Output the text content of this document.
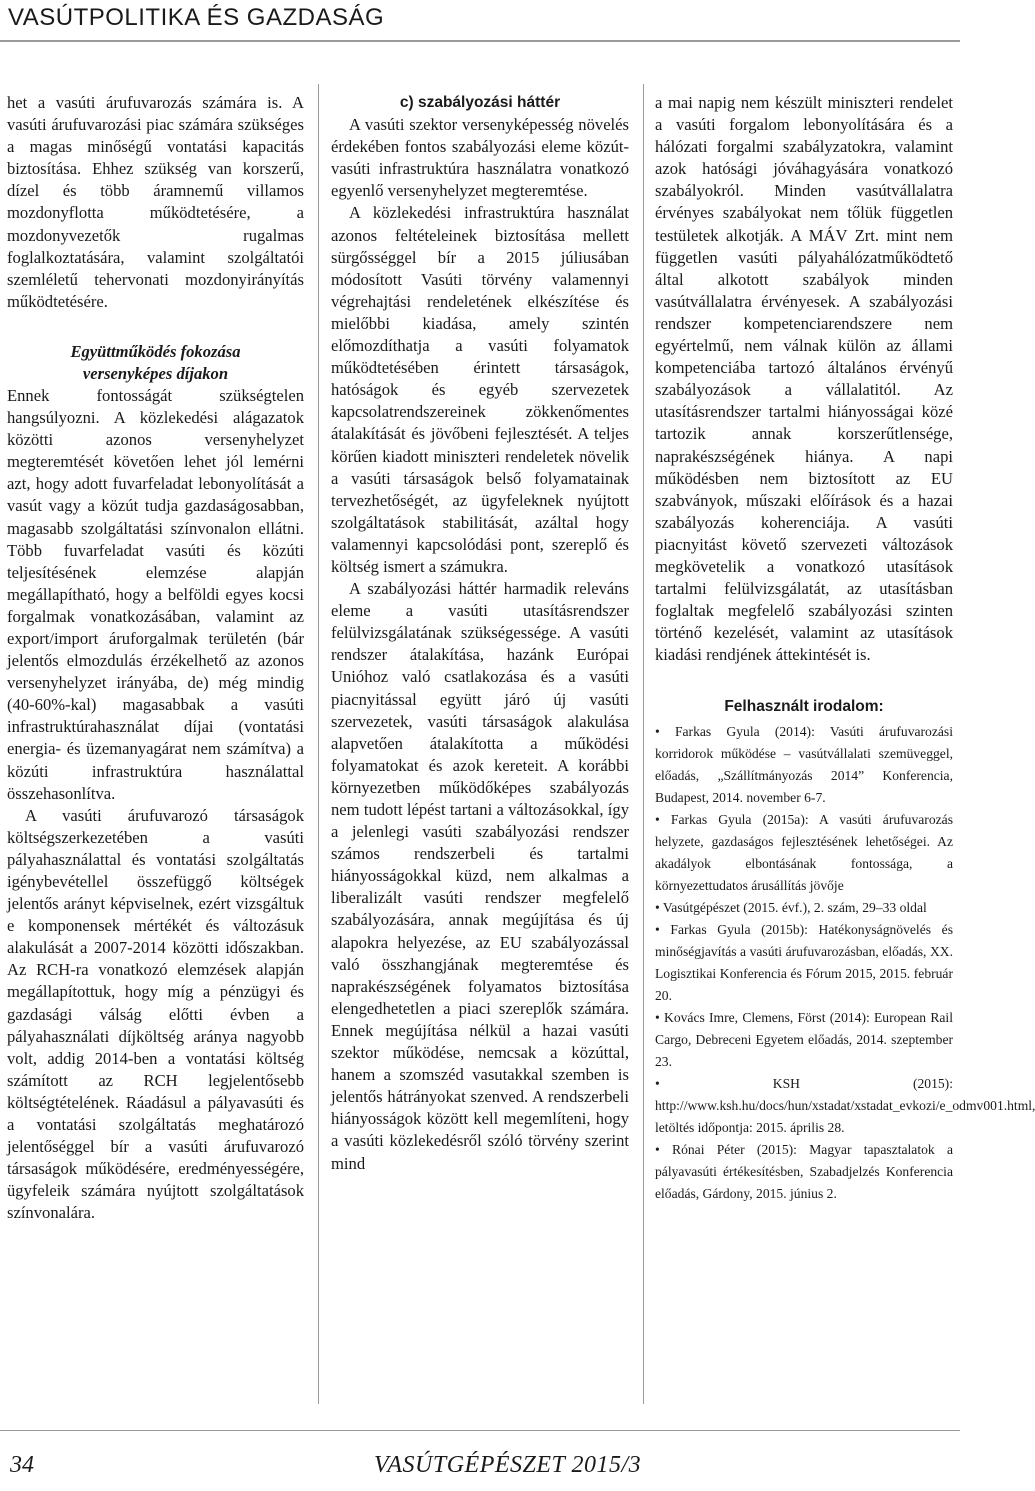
VASÚTPOLITIKA ÉS GAZDASÁG

het a vasúti árufuvarozás számára is. A vasúti árufuvarozási piac számára szükséges a magas minőségű vontatási kapacitás biztosítása. Ehhez szükség van korszerű, dízel és több áramnemű villamos mozdonyflotta működtetésére, a mozdonyvezetők rugalmas foglalkoztatására, valamint szolgáltatói szemléletű tehervonati mozdonyirányítás működtetésére.

Együttműködés fokozása
versenyképes díjakon

Ennek fontosságát szükségtelen hangsúlyozni. A közlekedési alágazatok közötti azonos versenyhelyzet megteremtését követően lehet jól lemérni azt, hogy adott fuvarfeladat lebonyolítását a vasút vagy a közút tudja gazdaságosabban, magasabb szolgáltatási színvonalon ellátni. Több fuvarfeladat vasúti és közúti teljesítésének elemzése alapján megállapítható, hogy a belföldi egyes kocsi forgalmak vonatkozásában, valamint az export/import áruforgalmak területén (bár jelentős elmozdulás érzékelhető az azonos versenyhelyzet irányába, de) még mindig (40-60%-kal) magasabbak a vasúti infrastruktúrahasználat díjai (vontatási energia- és üzemanyagárat nem számítva) a közúti infrastruktúra használattal összehasonlítva.

A vasúti árufuvarozó társaságok költségszerkezetében a vasúti pályahasználattal és vontatási szolgáltatás igénybevétellel összefüggő költségek jelentős arányt képviselnek, ezért vizsgáltuk e komponensek mértékét és változásuk alakulását a 2007-2014 közötti időszakban. Az RCH-ra vonatkozó elemzések alapján megállapítottuk, hogy míg a pénzügyi és gazdasági válság előtti évben a pályahasználati díjköltség aránya nagyobb volt, addig 2014-ben a vontatási költség számított az RCH legjelentősebb költségtételének. Ráadásul a pályavasúti és a vontatási szolgáltatás meghatározó jelentőséggel bír a vasúti árufuvarozó társaságok működésére, eredményességére, ügyfeleik számára nyújtott szolgáltatások színvonalára.

c) szabályozási háttér

A vasúti szektor versenyképesség növelés érdekében fontos szabályozási eleme közút-vasúti infrastruktúra használatra vonatkozó egyenlő versenyhelyzet megteremtése.

A közlekedési infrastruktúra használat azonos feltételeinek biztosítása mellett sürgősséggel bír a 2015 júliusában módosított Vasúti törvény valamennyi végrehajtási rendeletének elkészítése és mielőbbi kiadása, amely szintén előmozdíthatja a vasúti folyamatok működtetésében érintett társaságok, hatóságok és egyéb szervezetek kapcsolatrendszereinek zökkenőmentes átalakítását és jövőbeni fejlesztését. A teljes körűen kiadott miniszteri rendeletek növelik a vasúti társaságok belső folyamatainak tervezhetőségét, az ügyfeleknek nyújtott szolgáltatások stabilitását, azáltal hogy valamennyi kapcsolódási pont, szereplő és költség ismert a számukra.

A szabályozási háttér harmadik releváns eleme a vasúti utasításrendszer felülvizsgálatának szükségessége. A vasúti rendszer átalakítása, hazánk Európai Unióhoz való csatlakozása és a vasúti piacnyitással együtt járó új vasúti szervezetek, vasúti társaságok alakulása alapvetően átalakította a működési folyamatokat és azok kereteit. A korábbi környezetben működőképes szabályozás nem tudott lépést tartani a változásokkal, így a jelenlegi vasúti szabályozási rendszer számos rendszerbeli és tartalmi hiányosságokkal küzd, nem alkalmas a liberalizált vasúti rendszer megfelelő szabályozására, annak megújítása és új alapokra helyezése, az EU szabályozással való összhangjának megteremtése és naprakészségének folyamatos biztosítása elengedhetetlen a piaci szereplők számára. Ennek megújítása nélkül a hazai vasúti szektor működése, nemcsak a közúttal, hanem a szomszéd vasutakkal szemben is jelentős hátrányokat szenved. A rendszerbeli hiányosságok között kell megemlíteni, hogy a vasúti közlekedésről szóló törvény szerint mind

a mai napig nem készült miniszteri rendelet a vasúti forgalom lebonyolítására és a hálózati forgalmi szabályzatokra, valamint azok hatósági jóváhagyására vonatkozó szabályokról. Minden vasútvállalatra érvényes szabályokat nem tőlük független testületek alkotják. A MÁV Zrt. mint nem független vasúti pályahálózatműködtető által alkotott szabályok minden vasútvállalatra érvényesek. A szabályozási rendszer kompetenciarendszere nem egyértelmű, nem válnak külön az állami kompetenciába tartozó általános érvényű szabályozások a vállalatitól. Az utasításrendszer tartalmi hiányosságai közé tartozik annak korszerűtlensége, naprakészségének hiánya. A napi működésben nem biztosított az EU szabványok, műszaki előírások és a hazai szabályozás koherenciája. A vasúti piacnyitást követő szervezeti változások megkövetelik a vonatkozó utasítások tartalmi felülvizsgálatát, az utasításban foglaltak megfelelő szabályozási szinten történő kezelését, valamint az utasítások kiadási rendjének áttekintését is.

Felhasznált irodalom:

• Farkas Gyula (2014): Vasúti árufuvarozási korridorok működése – vasútvállalati szemüveggel, előadás, „Szállítmányozás 2014” Konferencia, Budapest, 2014. november 6-7.

• Farkas Gyula (2015a): A vasúti árufuvarozás helyzete, gazdaságos fejlesztésének lehetőségei. Az akadályok elbontásának fontossága, a környezettudatos árusállítás jövője

• Vasútgépészet (2015. évf.), 2. szám, 29–33 oldal

• Farkas Gyula (2015b): Hatékonyságnövelés és minőségjavítás a vasúti árufuvarozásban, előadás, XX. Logisztikai Konferencia és Fórum 2015, 2015. február 20.

• Kovács Imre, Clemens, Först (2014): European Rail Cargo, Debreceni Egyetem előadás, 2014. szeptember 23.

• KSH (2015): http://www.ksh.hu/docs/hun/xstadat/xstadat_evkozi/e_odmv001.html, letöltés időpontja: 2015. április 28.

• Rónai Péter (2015): Magyar tapasztalatok a pályavasúti értékesítésben, Szabadjelzés Konferencia előadás, Gárdony, 2015. június 2.

34	VASÚTGÉPÉSZET 2015/3
